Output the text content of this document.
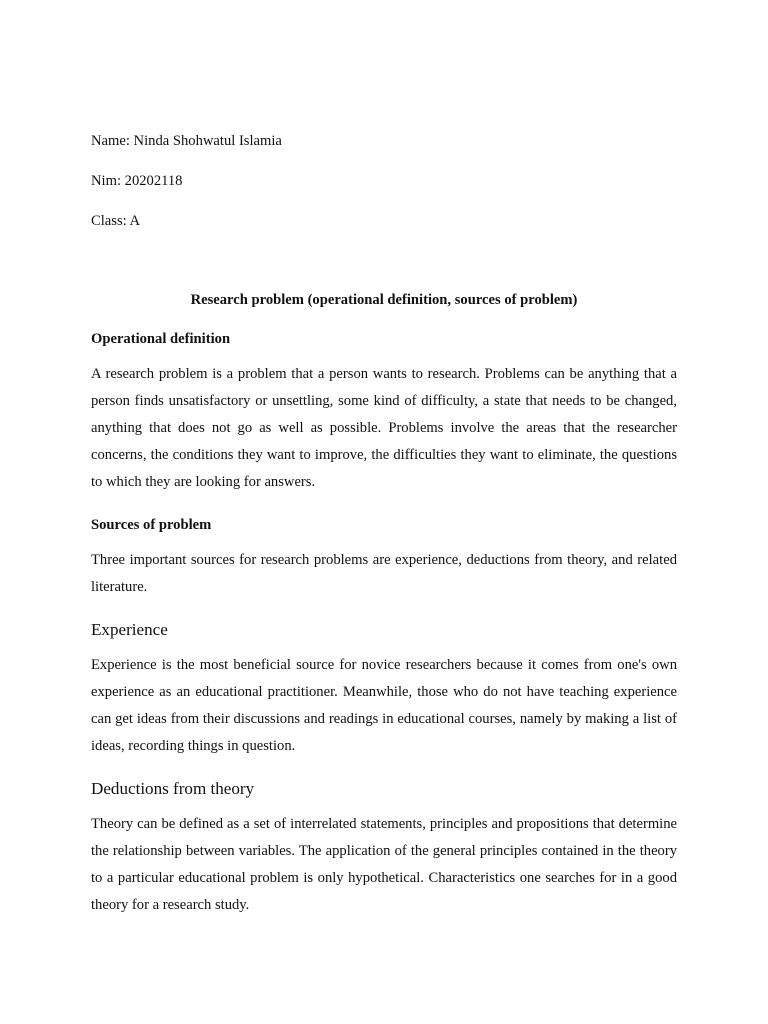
Name: Ninda Shohwatul Islamia

Nim: 20202118

Class: A

Research problem (operational definition, sources of problem)
Operational definition

A research problem is a problem that a person wants to research. Problems can be anything that a person finds unsatisfactory or unsettling, some kind of difficulty, a state that needs to be changed, anything that does not go as well as possible. Problems involve the areas that the researcher concerns, the conditions they want to improve, the difficulties they want to eliminate, the questions to which they are looking for answers.

Sources of problem

Three important sources for research problems are experience, deductions from theory, and related literature.

Experience

Experience is the most beneficial source for novice researchers because it comes from one's own experience as an educational practitioner. Meanwhile, those who do not have teaching experience can get ideas from their discussions and readings in educational courses, namely by making a list of ideas, recording things in question.

Deductions from theory

Theory can be defined as a set of interrelated statements, principles and propositions that determine the relationship between variables. The application of the general principles contained in the theory to a particular educational problem is only hypothetical. Characteristics one searches for in a good theory for a research study.
